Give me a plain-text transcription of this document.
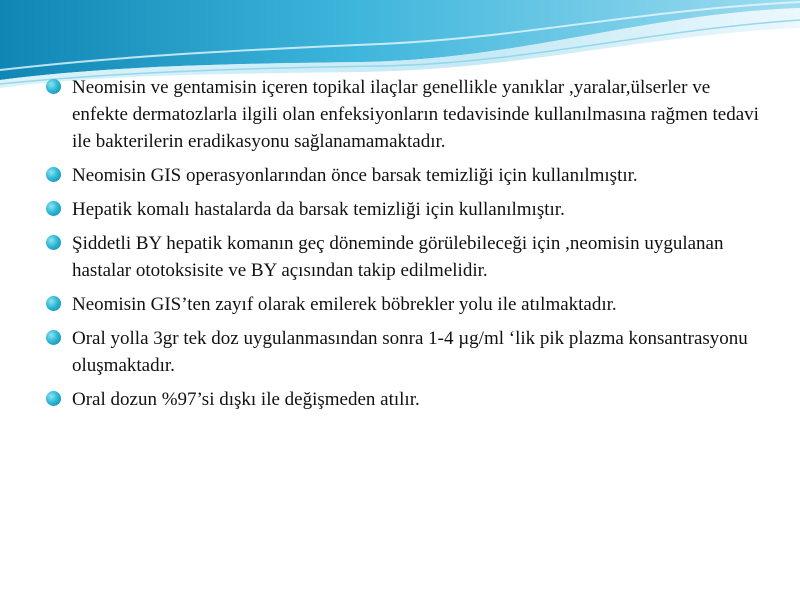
Neomisin ve gentamisin içeren topikal ilaçlar genellikle yanıklar ,yaralar,ülserler ve enfekte dermatozlarla ilgili olan enfeksiyonların tedavisinde kullanılmasına rağmen tedavi ile bakterilerin eradikasyonu sağlanamamaktadır.
Neomisin GIS operasyonlarından önce barsak temizliği için kullanılmıştır.
Hepatik komalı hastalarda da barsak temizliği için kullanılmıştır.
Şiddetli BY hepatik komanın geç döneminde görülebileceği için ,neomisin uygulanan hastalar ototoksisite ve BY açısından takip edilmelidir.
Neomisin GIS’ten zayıf olarak emilerek böbrekler yolu ile atılmaktadır.
Oral yolla 3gr tek doz uygulanmasından sonra 1-4 µg/ml ‘lik pik plazma konsantrasyonu oluşmaktadır.
Oral dozun %97’si dışkı ile değişmeden atılır.
